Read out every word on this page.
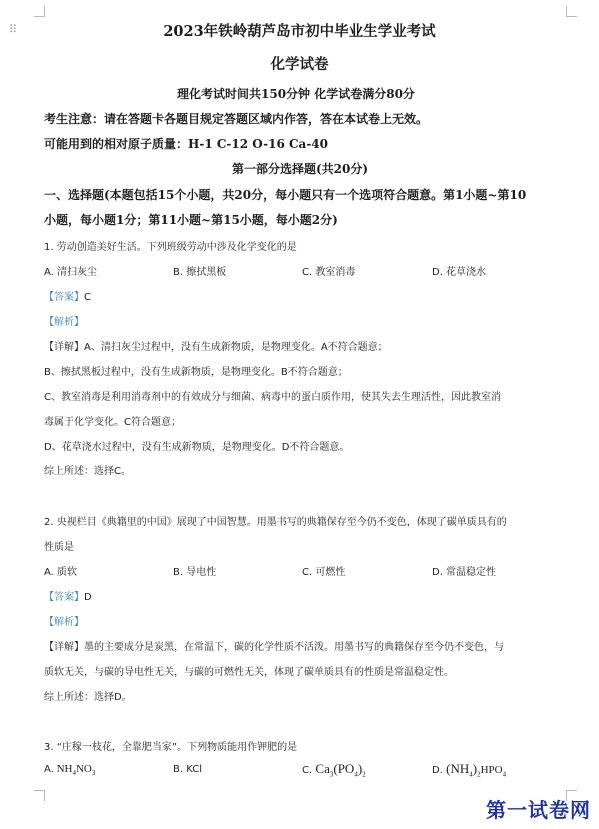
⠿	2023年铁岭葫芦岛市初中毕业生学业考试
化学试卷
理化考试时间共150分钟 化学试卷满分80分
考生注意：请在答题卡各题目规定答题区域内作答，答在本试卷上无效。
可能用到的相对原子质量：H-1 C-12 O-16 Ca-40
第一部分选择题(共20分)
一、选择题(本题包括15个小题，共20分，每小题只有一个选项符合题意。第1小题~第10
小题，每小题1分；第11小题~第15小题，每小题2分)
1. 劳动创造美好生活。下列班级劳动中涉及化学变化的是
A. 清扫灰尘	B. 擦拭黑板	C. 教室消毒	D. 花草浇水
【答案】C
【解析】
【详解】A、清扫灰尘过程中，没有生成新物质，是物理变化。A不符合题意；
B、擦拭黑板过程中，没有生成新物质，是物理变化。B不符合题意；
C、教室消毒是利用消毒剂中的有效成分与细菌、病毒中的蛋白质作用，使其失去生理活性，因此教室消
毒属于化学变化。C符合题意；
D、花草浇水过程中，没有生成新物质，是物理变化。D不符合题意。
综上所述：选择C。
2. 央视栏目《典籍里的中国》展现了中国智慧。用墨书写的典籍保存至今仍不变色，体现了碳单质具有的
性质是
A. 质软	B. 导电性	C. 可燃性	D. 常温稳定性
【答案】D
【解析】
【详解】墨的主要成分是炭黑，在常温下，碳的化学性质不活泼。用墨书写的典籍保存至今仍不变色，与
质软无关，与碳的导电性无关，与碳的可燃性无关，体现了碳单质具有的性质是常温稳定性。
综上所述：选择D。
3. “庄稼一枝花，全靠肥当家”。下列物质能用作钾肥的是
A. $NH_4NO_3$	B. KCl	C. $Ca_3(PO_4)_2$	D. $(NH_4)_2HPO_4$
第一试卷网
